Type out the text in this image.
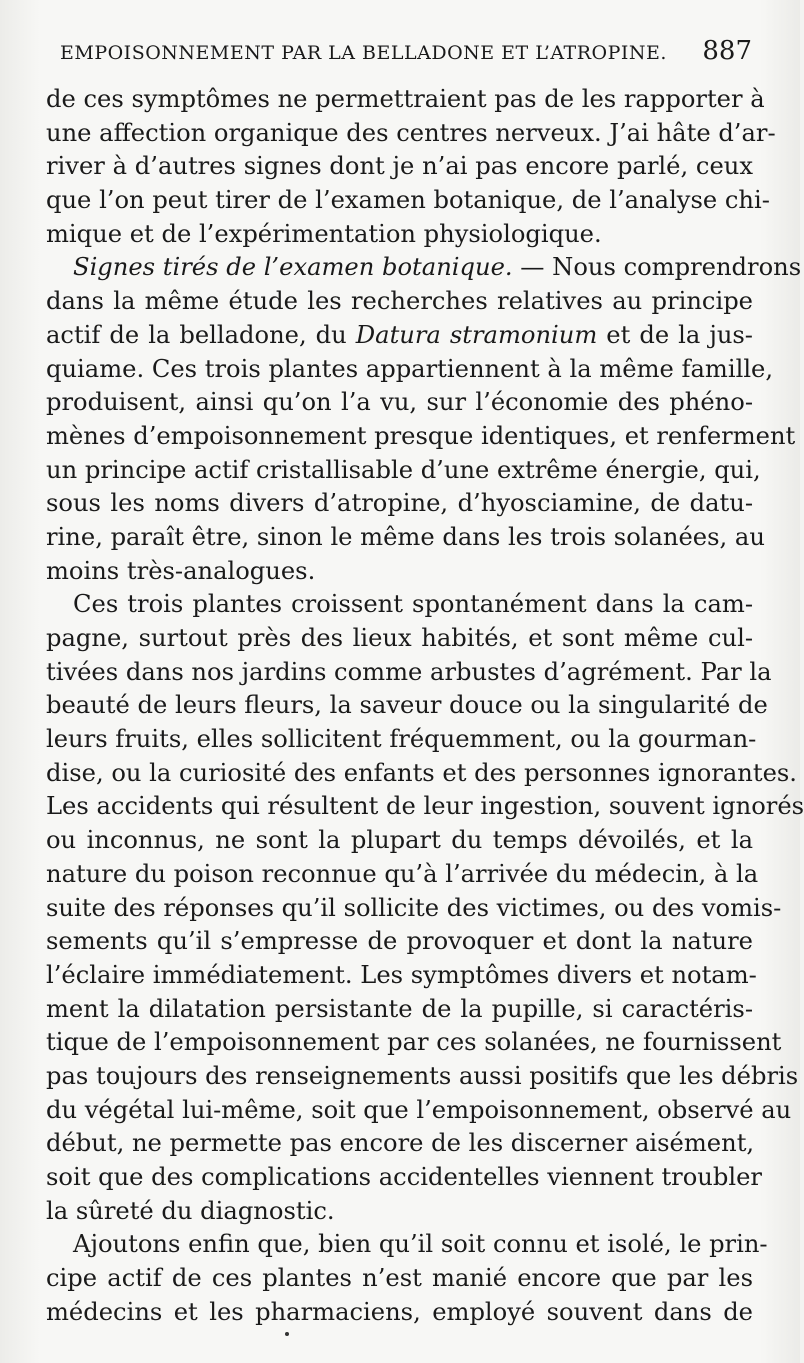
EMPOISONNEMENT PAR LA BELLADONE ET L’ATROPINE. 887
de ces symptômes ne permettraient pas de les rapporter à
une affection organique des centres nerveux. J’ai hâte d’ar-
river à d’autres signes dont je n’ai pas encore parlé, ceux
que l’on peut tirer de l’examen botanique, de l’analyse chi-
mique et de l’expérimentation physiologique.
Signes tirés de l’examen botanique. — Nous comprendrons
dans la même étude les recherches relatives au principe
actif de la belladone, du Datura stramonium et de la jus-
quiame. Ces trois plantes appartiennent à la même famille,
produisent, ainsi qu’on l’a vu, sur l’économie des phéno-
mènes d’empoisonnement presque identiques, et renferment
un principe actif cristallisable d’une extrême énergie, qui,
sous les noms divers d’atropine, d’hyosciamine, de datu-
rine, paraît être, sinon le même dans les trois solanées, au
moins très-analogues.
Ces trois plantes croissent spontanément dans la cam-
pagne, surtout près des lieux habités, et sont même cul-
tivées dans nos jardins comme arbustes d’agrément. Par la
beauté de leurs fleurs, la saveur douce ou la singularité de
leurs fruits, elles sollicitent fréquemment, ou la gourman-
dise, ou la curiosité des enfants et des personnes ignorantes.
Les accidents qui résultent de leur ingestion, souvent ignorés
ou inconnus, ne sont la plupart du temps dévoilés, et la
nature du poison reconnue qu’à l’arrivée du médecin, à la
suite des réponses qu’il sollicite des victimes, ou des vomis-
sements qu’il s’empresse de provoquer et dont la nature
l’éclaire immédiatement. Les symptômes divers et notam-
ment la dilatation persistante de la pupille, si caractéris-
tique de l’empoisonnement par ces solanées, ne fournissent
pas toujours des renseignements aussi positifs que les débris
du végétal lui-même, soit que l’empoisonnement, observé au
début, ne permette pas encore de les discerner aisément,
soit que des complications accidentelles viennent troubler
la sûreté du diagnostic.
Ajoutons enfin que, bien qu’il soit connu et isolé, le prin-
cipe actif de ces plantes n’est manié encore que par les
médecins et les pharmaciens, employé souvent dans de
